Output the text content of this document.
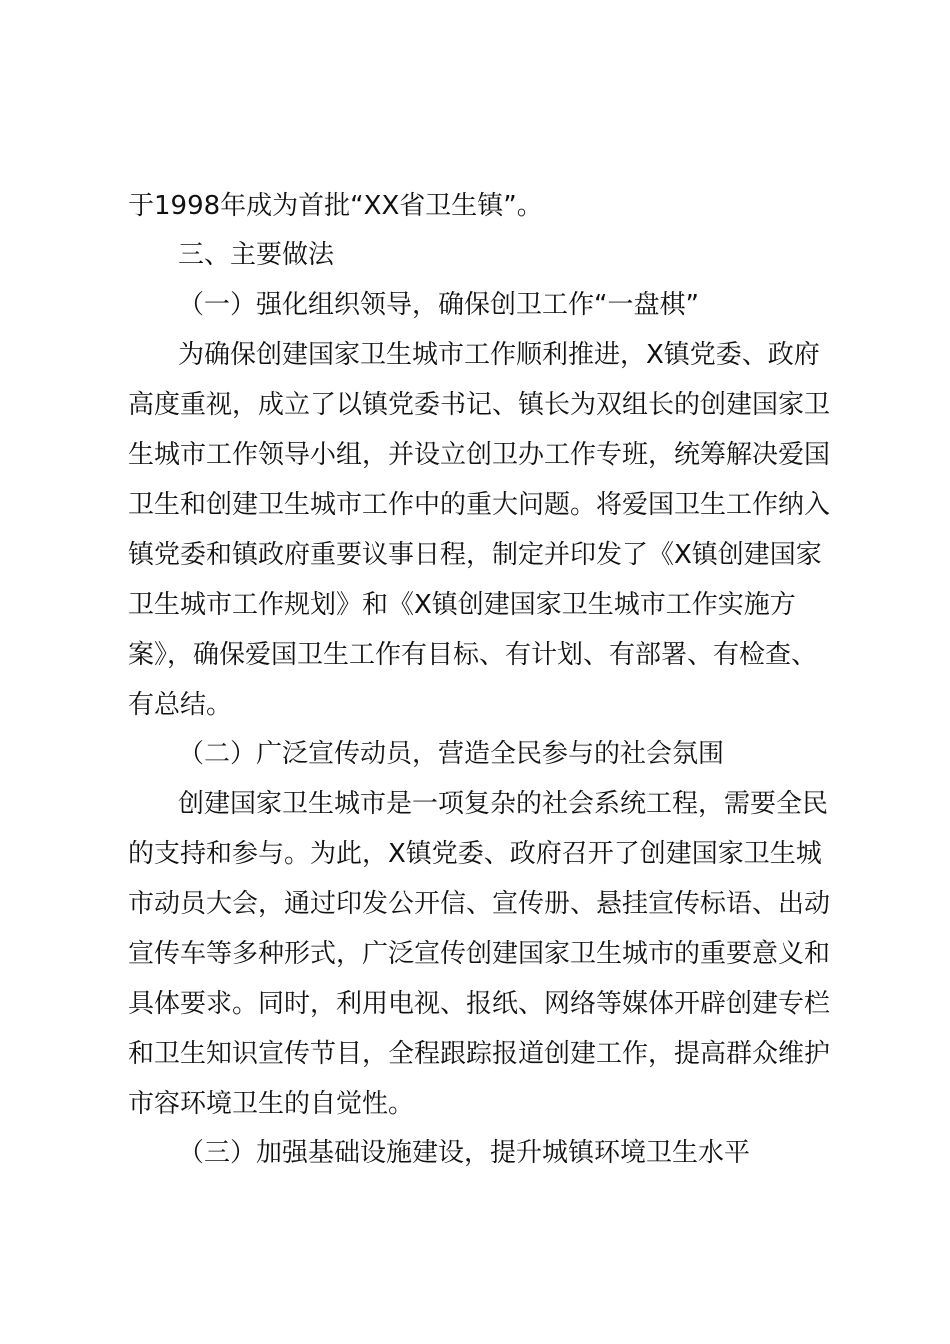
于1998年成为首批“XX省卫生镇”。
三、主要做法
（一）强化组织领导，确保创卫工作“一盘棋”
为确保创建国家卫生城市工作顺利推进，X镇党委、政府
高度重视，成立了以镇党委书记、镇长为双组长的创建国家卫
生城市工作领导小组，并设立创卫办工作专班，统筹解决爱国
卫生和创建卫生城市工作中的重大问题。将爱国卫生工作纳入
镇党委和镇政府重要议事日程，制定并印发了《X镇创建国家
卫生城市工作规划》和《X镇创建国家卫生城市工作实施方
案》，确保爱国卫生工作有目标、有计划、有部署、有检查、
有总结。
（二）广泛宣传动员，营造全民参与的社会氛围
创建国家卫生城市是一项复杂的社会系统工程，需要全民
的支持和参与。为此，X镇党委、政府召开了创建国家卫生城
市动员大会，通过印发公开信、宣传册、悬挂宣传标语、出动
宣传车等多种形式，广泛宣传创建国家卫生城市的重要意义和
具体要求。同时，利用电视、报纸、网络等媒体开辟创建专栏
和卫生知识宣传节目，全程跟踪报道创建工作，提高群众维护
市容环境卫生的自觉性。
（三）加强基础设施建设，提升城镇环境卫生水平
